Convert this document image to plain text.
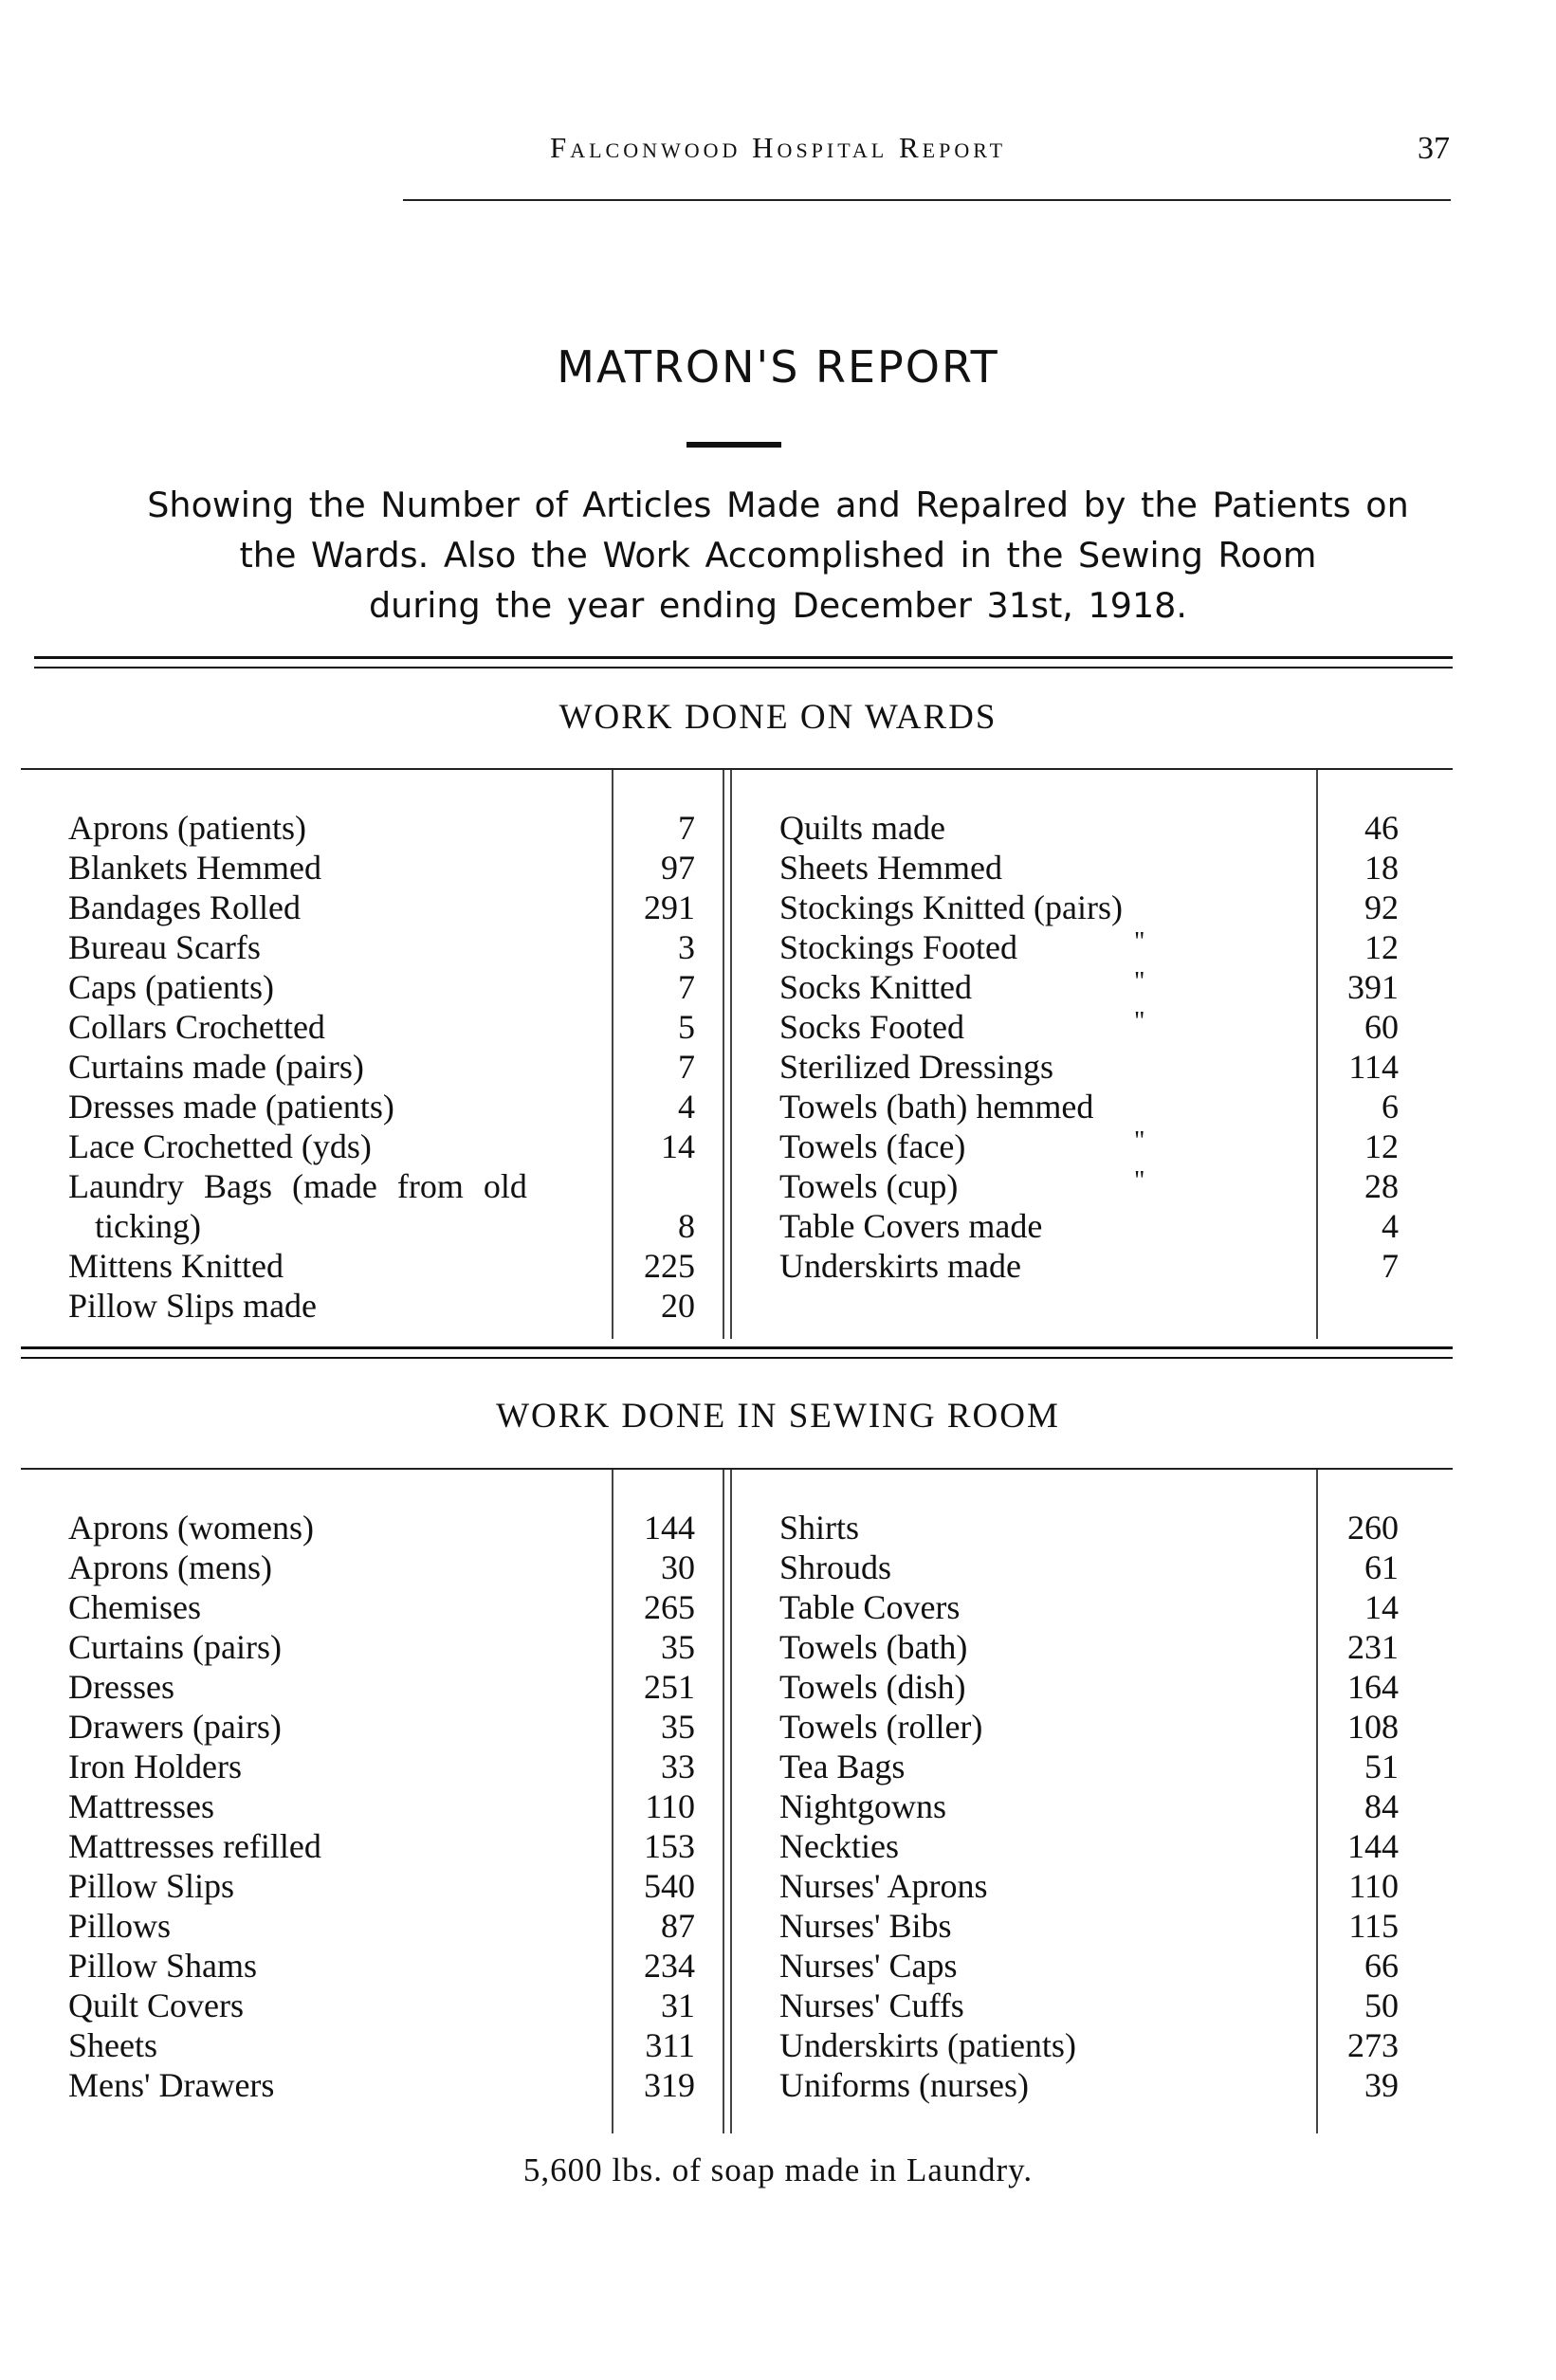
Falconwood Hospital Report	37
MATRON'S REPORT
Showing the Number of Articles Made and Repalred by the Patients on
the Wards. Also the Work Accomplished in the Sewing Room
during the year ending December 31st, 1918.
WORK DONE ON WARDS
Aprons (patients)	7 Quilts made	46
Blankets Hemmed	97 Sheets Hemmed	18
Bandages Rolled	291 Stockings Knitted (pairs)	92
Bureau Scarfs	3 Stockings Footed	"	12
Caps (patients)	7 Socks Knitted	"	391
Collars Crochetted	5 Socks Footed	"	60
Curtains made (pairs)	7 Sterilized Dressings	114
Dresses made (patients)	4 Towels (bath) hemmed	6
Lace Crochetted (yds)	14 Towels (face)	"	12
Laundry Bags (made from old	Towels (cup)	"	28
ticking)	8 Table Covers made	4
Mittens Knitted	225 Underskirts made	7
Pillow Slips made	20
WORK DONE IN SEWING ROOM
Aprons (womens)	144 Shirts	260
Aprons (mens)	30 Shrouds	61
Chemises	265 Table Covers	14
Curtains (pairs)	35 Towels (bath)	231
Dresses	251 Towels (dish)	164
Drawers (pairs)	35 Towels (roller)	108
Iron Holders	33 Tea Bags	51
Mattresses	110 Nightgowns	84
Mattresses refilled	153 Neckties	144
Pillow Slips	540 Nurses' Aprons	110
Pillows	87 Nurses' Bibs	115
Pillow Shams	234 Nurses' Caps	66
Quilt Covers	31 Nurses' Cuffs	50
Sheets	311 Underskirts (patients)	273
Mens' Drawers	319 Uniforms (nurses)	39
5,600 lbs. of soap made in Laundry.
